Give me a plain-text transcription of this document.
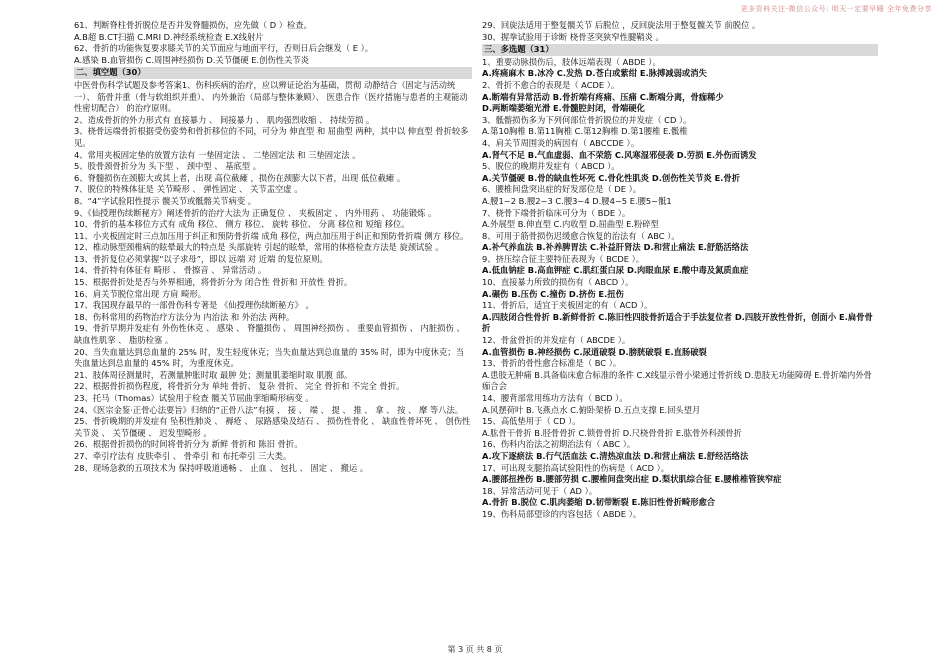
更多资料关注-微信公众号: 明天一定要早睡 全年免费分享
61、判断脊柱骨折脱位是否并发脊髓损伤，应先做（ D ）检查。
A.B超 B.CT扫描 C.MRI D.神经系统检查 E.X线射片
62、骨折的功能恢复要求膝关节的关节面应与地面平行，否则日后会继发（ E ）。
A.感染 B.血管损伤 C.周围神经损伤 D.关节僵硬 E.创伤性关节炎
二、填空题（30）
中医骨伤科学试题及参考答案1、伤科疾病的治疗，应以辨证论治为基础，贯彻 动静结合（固定与活动统一）、 筋骨并重（骨与软组织并重）、 内外兼治（局部与整体兼顾）、 医患合作（医疗措施与患者的主观能动性密切配合） 的治疗原则。
2、造成骨折的外力形式有 直接暴力 、 间接暴力 、 肌肉强烈收缩 、 持续劳损 。
3、桡骨远端骨折根据受伤姿势和骨折移位的不同，可分为 伸直型 和 屈曲型 两种，其中以 伸直型 骨折较多见。
4、常用夹板固定垫的放置方法有 一垫固定法 、 二垫固定法 和 三垫固定法 。
5、股骨颈骨折分为 头下型 、 颈中型 、 基底型 。
6、脊髓损伤在颈膨大或其上者，出现 高位截瘫 ，损伤在颈膨大以下者，出现 低位截瘫 。
7、脱位的特殊体征是 关节畸形 、 弹性固定 、 关节盂空虚 。
8、“4”字试验阳性提示 髋关节或骶髂关节病变 。
9、《仙授理伤续断秘方》阐述骨折的治疗大法为 正确复位 、 夹板固定 、 内外用药 、 功能锻炼 。
10、骨折的基本移位方式有 成角 移位、 侧方 移位、 旋转 移位、 分离 移位和 短缩 移位。
11、小夹板固定时三点加压用于纠正和预防骨折端 成角 移位，两点加压用于纠正和预防骨折端 侧方 移位。
12、椎动脉型颈椎病的眩晕最大的特点是 头部旋转 引起的眩晕，常用的体格检查方法是 旋颈试验 。
13、骨折复位必须掌握“以子求母”，即以 远端 对 近端 的复位原则。
14、骨折特有体征有 畸形 、 骨擦音 、 异常活动 。
15、根据骨折处是否与外界相通，将骨折分为 闭合性 骨折和 开放性 骨折。
16、肩关节脱位常出现 方肩 畸形。
17、我国现存最早的一部骨伤科专著是 《仙授理伤续断秘方》 。
18、伤科常用的药物治疗方法分为 内治法 和 外治法 两种。
19、骨折早期并发症有 外伤性休克 、 感染 、 脊髓损伤 、 周围神经损伤 、 重要血管损伤 、 内脏损伤 、 缺血性肌挛 、 脂肪栓塞 。
20、当失血量达到总血量的 25% 时，发生轻度休克；当失血量达到总血量的 35% 时，即为中度休克；当失血量达到总血量的 45% 时，为重度休克。
21、肢体周径测量时，若测量肿胀时取 最肿 处；测量肌萎缩时取 肌腹 部。
22、根据骨折损伤程度，将骨折分为 单纯 骨折、 复杂 骨折、 完全 骨折和 不完全 骨折。
23、托马（Thomas）试验用于检查 髋关节屈曲挛缩畸形病变 。
24、《医宗金鉴·正骨心法要旨》归纳的“正骨八法”有摸 、 接 、 端 、 提 、 推 、 拿 、 按 、 摩 等八法。
25、骨折晚期的并发症有 坠积性肺炎 、 褥疮 、 尿路感染及结石 、 损伤性骨化 、 缺血性骨坏死 、 创伤性关节炎 、 关节僵硬 、 迟发型畸形 。
26、根据骨折损伤的时间将骨折分为 新鲜 骨折和 陈旧 骨折。
27、牵引疗法有 皮肤牵引 、 骨牵引 和 布托牵引 三大类。
28、现场急救的五项技术为 保持呼吸道通畅 、 止血 、 包扎 、 固定 、 搬运 。
29、回旋法适用于整复髋关节 后脱位 ，反回旋法用于整复髋关节 前脱位 。
30、握拳试验用于诊断 桡骨茎突狭窄性腱鞘炎 。
三、多选题（31）
1、重要动脉损伤后，肢体远端表现（ ABDE ）。
A.疼痛麻木 B.冰冷 C.发热 D.苍白或紫绀 E.脉搏减弱或消失
2、骨折不愈合的表现是（ ACDE ）。
A.断端有异常活动 B.骨折端有疼痛、压痛 C.断端分离，骨痂稀少
D.两断端萎缩光滑 E.骨髓腔封闭，骨端硬化
3、骶髂损伤多为下列何部位骨折脱位的并发症（ CD ）。
A.第10胸椎 B.第11胸椎 C.第12胸椎 D.第1腰椎 E.骶椎
4、肩关节周围炎的病因有（ ABCCDE ）。
A.肾气不足 B.气血虚弱、血不荣筋 C.风寒湿邪侵袭 D.劳损 E.外伤而诱发
5、脱位的晚期并发症有（ ABCD ）。
A.关节僵硬 B.骨的缺血性坏死 C.骨化性肌炎 D.创伤性关节炎 E.骨折
6、腰椎间盘突出症的好发部位是（ DE ）。
A.腰1~2 B.腰2~3 C.腰3~4 D.腰4~5 E.腰5~骶1
7、桡骨下端骨折临床可分为（ BDE ）。
A.外展型 B.伸直型 C.内收型 D.屈曲型 E.粉碎型
8、可用于筋骨损伤迟缓愈合恢复的治法有（ ABC ）。
A.补气养血法 B.补养脾胃法 C.补益肝肾法 D.和营止痛法 E.舒筋活络法
9、挤压综合征主要特征表现为（ BCDE ）。
A.低血钠症 B.高血钾症 C.肌红蛋白尿 D.肉眼血尿 E.酸中毒及氮质血症
10、直接暴力所致的损伤有（ ABCD ）。
A.碾伤 B.压伤 C.撞伤 D.挤伤 E.扭伤
11、骨折后，适宜于夹板固定的有（ ACD ）。
A.四肢闭合性骨折 B.新鲜骨折 C.陈旧性四肢骨折适合于手法复位者 D.四肢开放性骨折，创面小 E.扁骨骨折
12、骨盆骨折的并发症有（ ABCDE ）。
A.血管损伤 B.神经损伤 C.尿道破裂 D.膀胱破裂 E.直肠破裂
13、骨折的骨性愈合标准是（ BC ）。
A.患肢无肿痛 B.具备临床愈合标准的条件 C.X线显示骨小梁通过骨折线 D.患肢无功能障碍 E.骨折端内外骨痂合会
14、腰背部常用练功方法有（ BCD ）。
A.风摆荷叶 B.飞燕点水 C.俯卧架桥 D.五点支撑 E.回头望月
15、高低垫用于（ CD ）。
A.肱骨干骨折 B.胫骨骨折 C.锁骨骨折 D.尺桡骨骨折 E.肱骨外科颈骨折
16、伤科内治法之初期治法有（ ABC ）。
A.攻下逐瘀法 B.行气活血法 C.清热凉血法 D.和营止痛法 E.舒经活络法
17、可出现支腿抬高试验阳性的伤病是（ ACD ）。
A.腰部扭挫伤 B.腰部劳损 C.腰椎间盘突出症 D.梨状肌综合征 E.腰椎椎管狭窄症
18、异常活动可见于（ AD ）。
A.骨折 B.脱位 C.肌肉萎缩 D.韧带断裂 E.陈旧性骨折畸形愈合
19、伤科局部望诊的内容包括（ ABDE ）。
第 3 页 共 8 页
